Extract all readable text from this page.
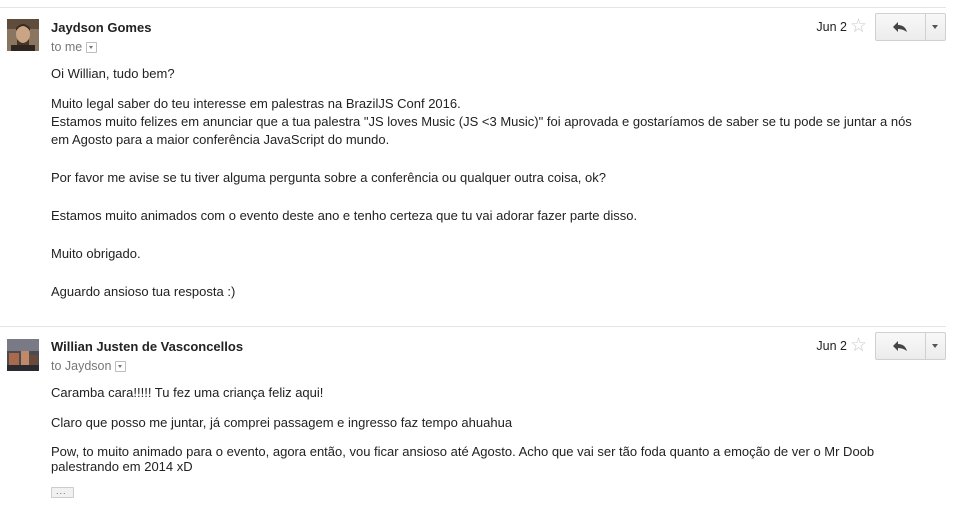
Jaydson Gomes
to me
Jun 2 ☆

Oi Willian, tudo bem?

Muito legal saber do teu interesse em palestras na BrazilJS Conf 2016.

Estamos muito felizes em anunciar que a tua palestra "JS loves Music (JS <3 Music)" foi aprovada e gostaríamos de saber se tu pode se juntar a nós em Agosto para a maior conferência JavaScript do mundo.

Por favor me avise se tu tiver alguma pergunta sobre a conferência ou qualquer outra coisa, ok?

Estamos muito animados com o evento deste ano e tenho certeza que tu vai adorar fazer parte disso.

Muito obrigado.

Aguardo ansioso tua resposta :)

Willian Justen de Vasconcellos
to Jaydson
Jun 2 ☆

Caramba cara!!!!! Tu fez uma criança feliz aqui!

Claro que posso me juntar, já comprei passagem e ingresso faz tempo ahuahua

Pow, to muito animado para o evento, agora então, vou ficar ansioso até Agosto. Acho que vai ser tão foda quanto a emoção de ver o Mr Doob palestrando em 2014 xD

...
